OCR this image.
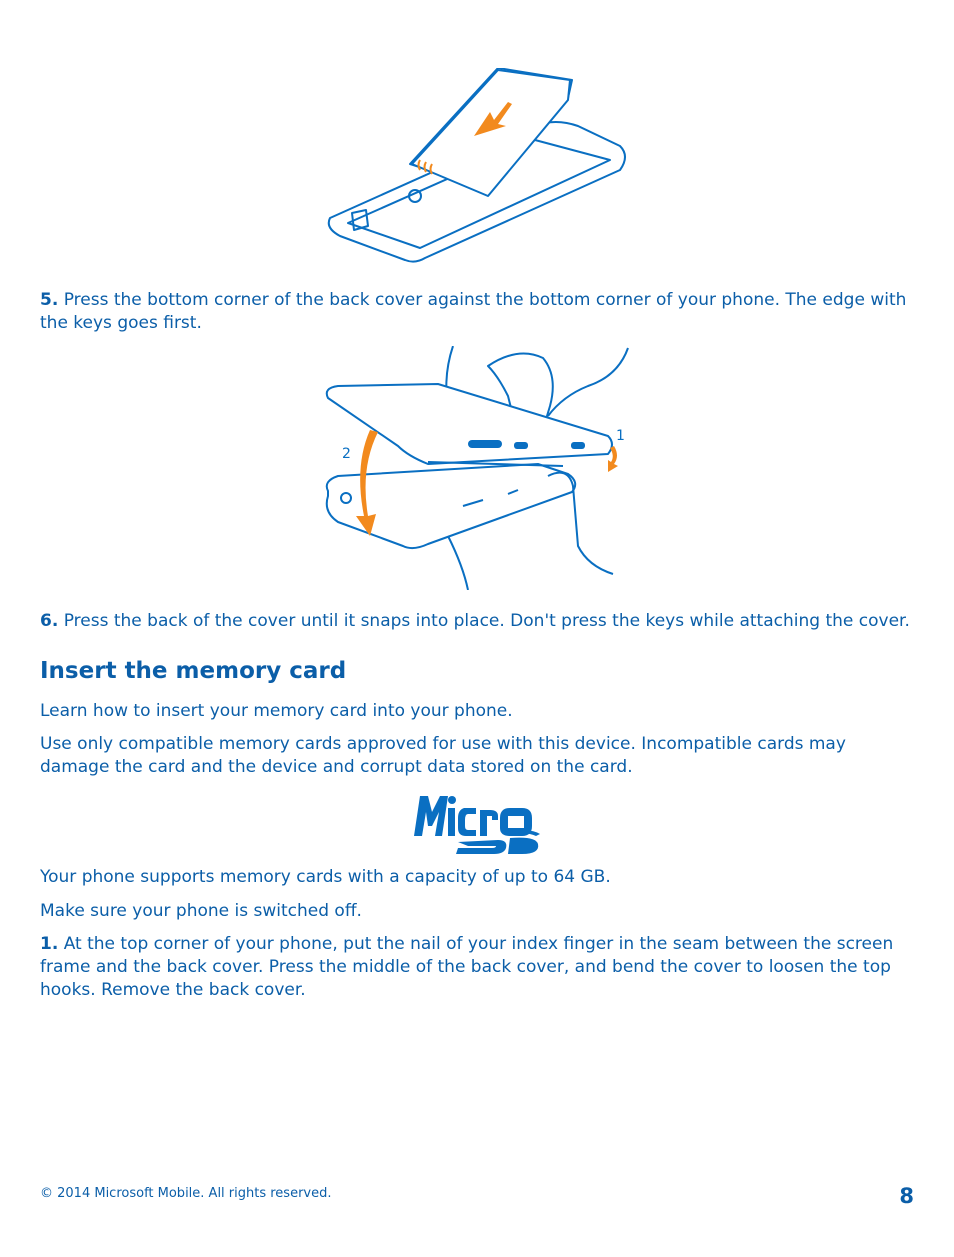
5. Press the bottom corner of the back cover against the bottom corner of your phone. The edge with the keys goes first.

1
2

6. Press the back of the cover until it snaps into place. Don't press the keys while attaching the cover.

Insert the memory card

Learn how to insert your memory card into your phone.

Use only compatible memory cards approved for use with this device. Incompatible cards may damage the card and the device and corrupt data stored on the card.

Your phone supports memory cards with a capacity of up to 64 GB.

Make sure your phone is switched off.

1. At the top corner of your phone, put the nail of your index finger in the seam between the screen frame and the back cover. Press the middle of the back cover, and bend the cover to loosen the top hooks. Remove the back cover.

© 2014 Microsoft Mobile. All rights reserved.	8
